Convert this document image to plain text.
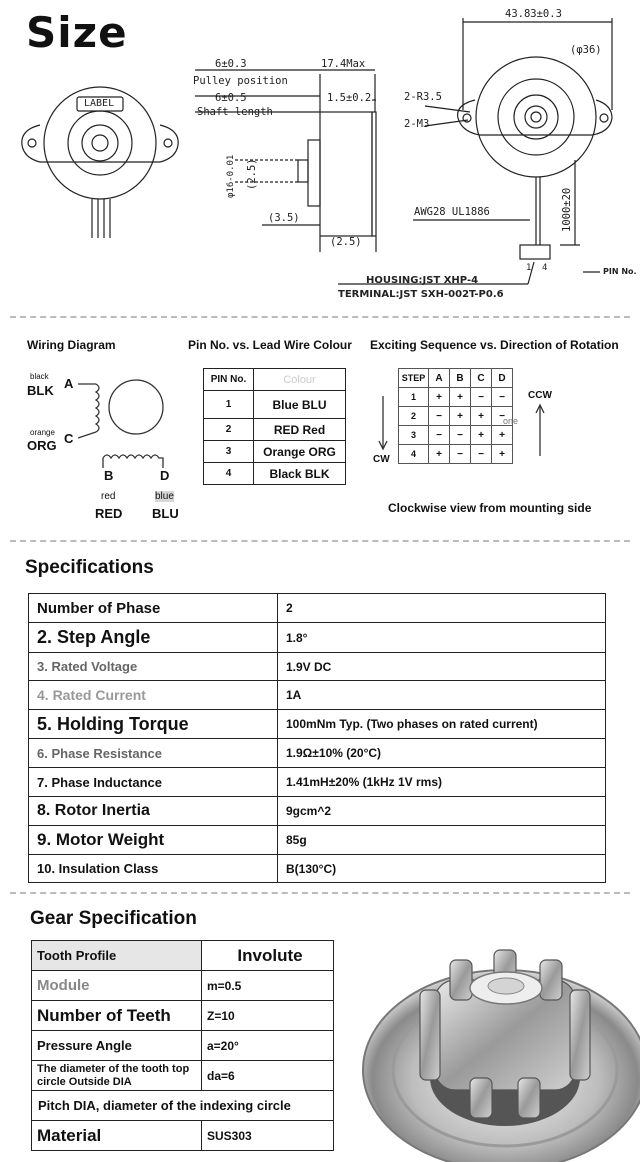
Size
LABEL
43.83±0.3
(φ36)
2-R3.5
2-M3
6±0.3
Pulley position
6±0.5
Shaft length
17.4Max
1.5±0.2
φ16-0.01 (2.5)
(3.5)
(2.5)
AWG28 UL1886	1000±20
1 4	PIN No.
HOUSING:JST XHP-4
TERMINAL:JST SXH-002T-P0.6
Wiring Diagram	Pin No. vs. Lead Wire Colour Exciting Sequence vs. Direction of Rotation
black
BLK A
orange
ORG C
B	D
red
RED
blue
BLU
PIN No.	Colour
1	Blue BLU
2	RED Red
3	Orange ORG
4	Black BLK
STEP	A	B	C	D
1	+	+	−	−
2	−	+	+	−
3	−	−	+	+
4	+	−	−	+
one
CCW
CW
Clockwise view from mounting side
Specifications
Number of Phase	2
2. Step Angle	1.8°
3. Rated Voltage	1.9V DC
4. Rated Current	1A
5. Holding Torque	100mNm Typ. (Two phases on rated current)
6. Phase Resistance	1.9Ω±10% (20°C)
7. Phase Inductance	1.41mH±20% (1kHz 1V rms)
8. Rotor Inertia	9gcm^2
9. Motor Weight	85g
10. Insulation Class	B(130°C)
Gear Specification
Tooth Profile	Involute
Module	m=0.5
Number of Teeth	Z=10
Pressure Angle	a=20°
The diameter of the tooth top circle Outside DIA	da=6
Pitch DIA, diameter of the indexing circle	
Material	SUS303
